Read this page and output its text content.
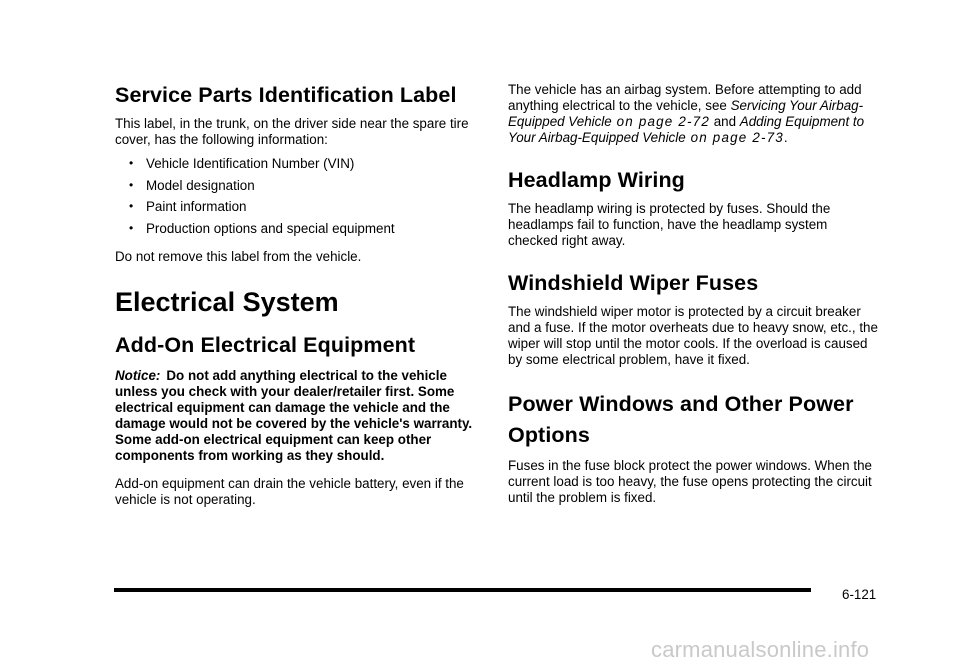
Service Parts Identification Label

This label, in the trunk, on the driver side near the spare tire cover, has the following information:

• Vehicle Identification Number (VIN)
• Model designation
• Paint information
• Production options and special equipment

Do not remove this label from the vehicle.

Electrical System
Add-On Electrical Equipment

Notice: Do not add anything electrical to the vehicle unless you check with your dealer/retailer first. Some electrical equipment can damage the vehicle and the damage would not be covered by the vehicle's warranty. Some add-on electrical equipment can keep other components from working as they should.

Add-on equipment can drain the vehicle battery, even if the vehicle is not operating.

The vehicle has an airbag system. Before attempting to add anything electrical to the vehicle, see Servicing Your Airbag-Equipped Vehicle on page 2-72 and Adding Equipment to Your Airbag-Equipped Vehicle on page 2-73.

Headlamp Wiring

The headlamp wiring is protected by fuses. Should the headlamps fail to function, have the headlamp system checked right away.

Windshield Wiper Fuses

The windshield wiper motor is protected by a circuit breaker and a fuse. If the motor overheats due to heavy snow, etc., the wiper will stop until the motor cools. If the overload is caused by some electrical problem, have it fixed.

Power Windows and Other Power Options

Fuses in the fuse block protect the power windows. When the current load is too heavy, the fuse opens protecting the circuit until the problem is fixed.

6-121
carmanualsonline.info
